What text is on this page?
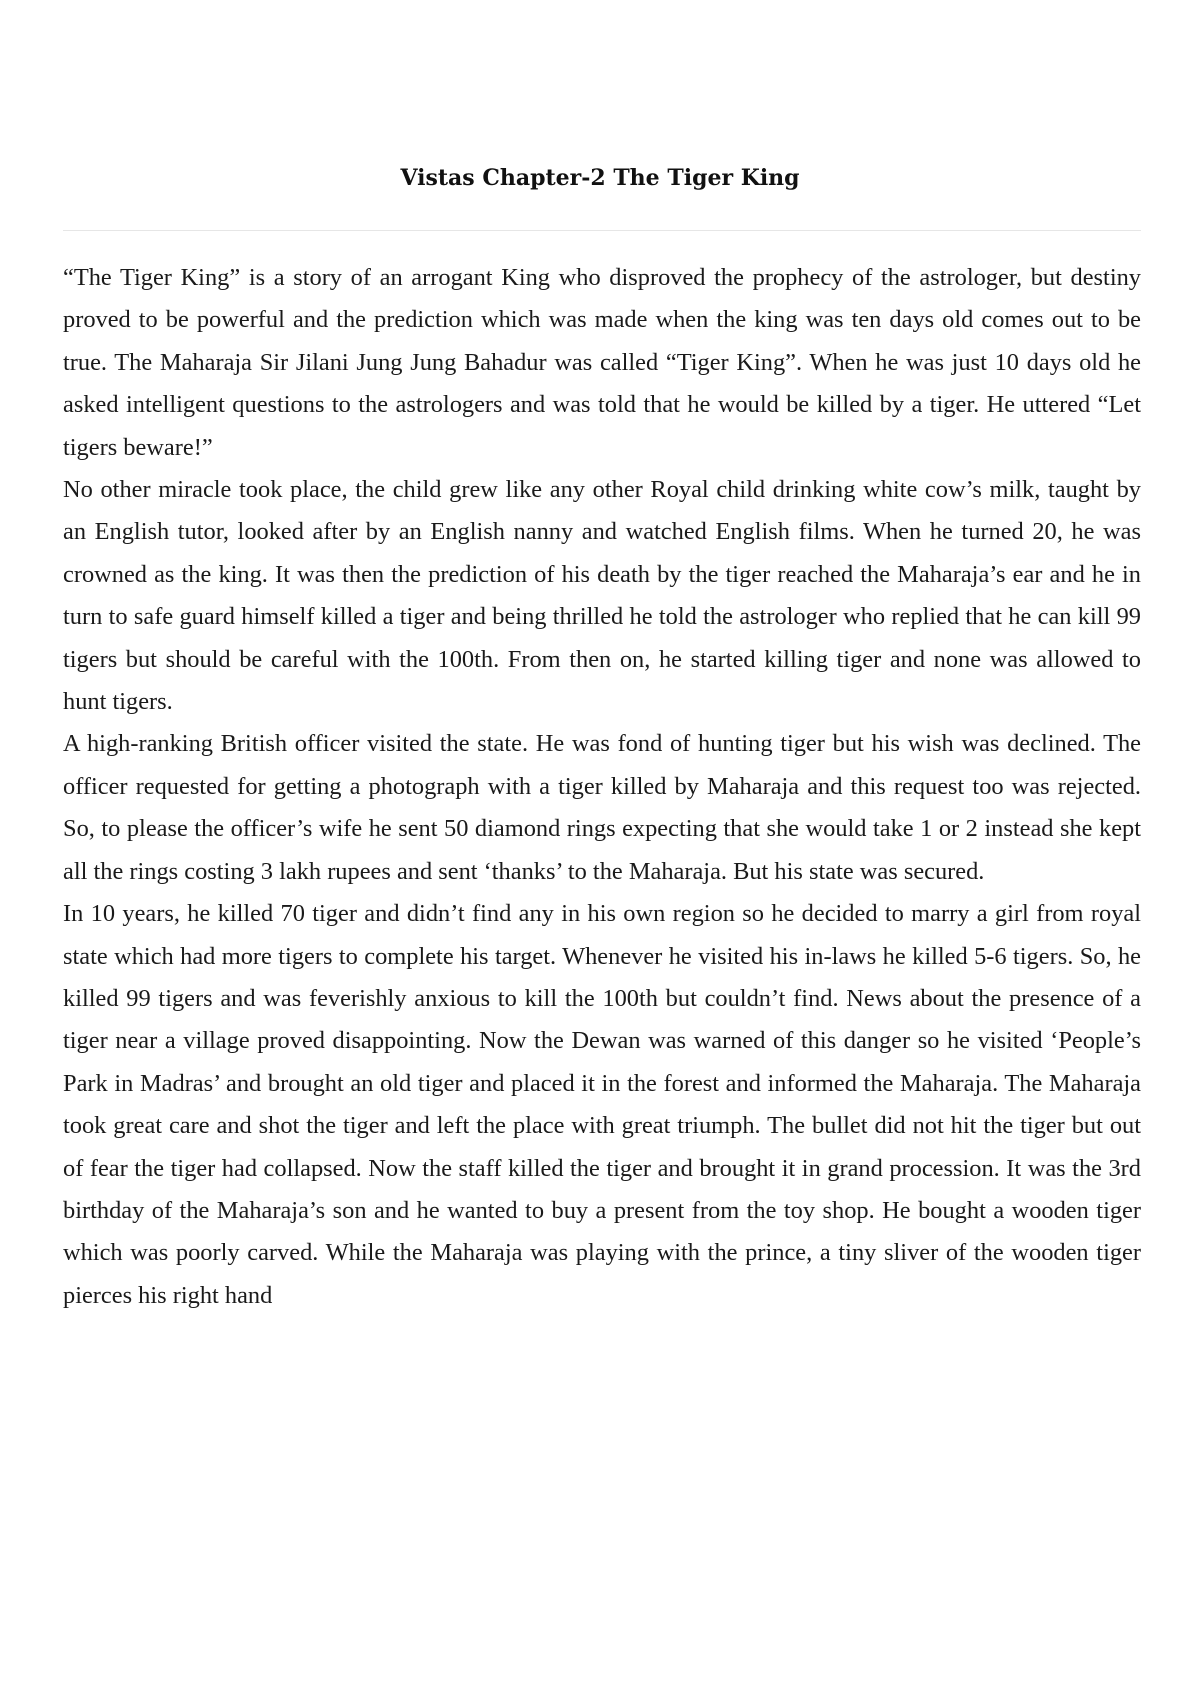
Vistas Chapter-2 The Tiger King

“The Tiger King” is a story of an arrogant King who disproved the prophecy of the astrologer, but destiny proved to be powerful and the prediction which was made when the king was ten days old comes out to be true. The Maharaja Sir Jilani Jung Jung Bahadur was called “Tiger King”. When he was just 10 days old he asked intelligent questions to the astrologers and was told that he would be killed by a tiger. He uttered “Let tigers beware!”

No other miracle took place, the child grew like any other Royal child drinking white cow’s milk, taught by an English tutor, looked after by an English nanny and watched English films. When he turned 20, he was crowned as the king. It was then the prediction of his death by the tiger reached the Maharaja’s ear and he in turn to safe guard himself killed a tiger and being thrilled he told the astrologer who replied that he can kill 99 tigers but should be careful with the 100th. From then on, he started killing tiger and none was allowed to hunt tigers.

A high-ranking British officer visited the state. He was fond of hunting tiger but his wish was declined. The officer requested for getting a photograph with a tiger killed by Maharaja and this request too was rejected. So, to please the officer’s wife he sent 50 diamond rings expecting that she would take 1 or 2 instead she kept all the rings costing 3 lakh rupees and sent ‘thanks’ to the Maharaja. But his state was secured.

In 10 years, he killed 70 tiger and didn’t find any in his own region so he decided to marry a girl from royal state which had more tigers to complete his target. Whenever he visited his in-laws he killed 5-6 tigers. So, he killed 99 tigers and was feverishly anxious to kill the 100th but couldn’t find. News about the presence of a tiger near a village proved disappointing. Now the Dewan was warned of this danger so he visited ‘People’s Park in Madras’ and brought an old tiger and placed it in the forest and informed the Maharaja. The Maharaja took great care and shot the tiger and left the place with great triumph. The bullet did not hit the tiger but out of fear the tiger had collapsed. Now the staff killed the tiger and brought it in grand procession. It was the 3rd birthday of the Maharaja’s son and he wanted to buy a present from the toy shop. He bought a wooden tiger which was poorly carved. While the Maharaja was playing with the prince, a tiny sliver of the wooden tiger pierces his right hand
